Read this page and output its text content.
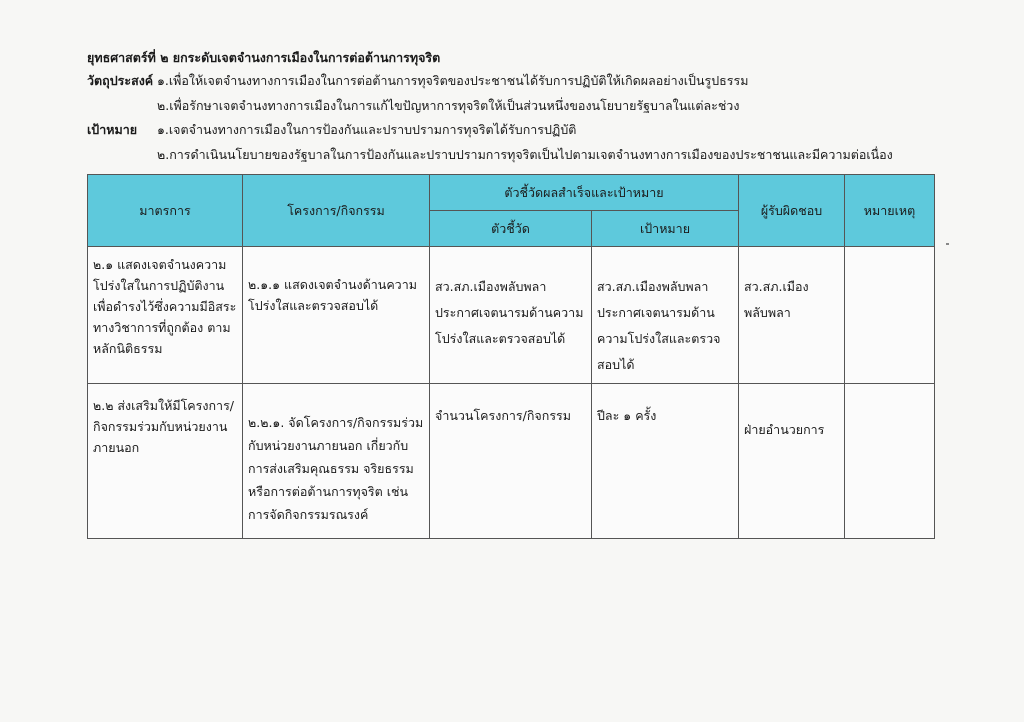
ยุทธศาสตร์ที่ ๒ ยกระดับเจตจำนงการเมืองในการต่อต้านการทุจริต
วัตถุประสงค์ ๑.เพื่อให้เจตจำนงทางการเมืองในการต่อต้านการทุจริตของประชาชนได้รับการปฏิบัติให้เกิดผลอย่างเป็นรูปธรรม
๒.เพื่อรักษาเจตจำนงทางการเมืองในการแก้ไขปัญหาการทุจริตให้เป็นส่วนหนึ่งของนโยบายรัฐบาลในแต่ละช่วง
เป้าหมาย ๑.เจตจำนงทางการเมืองในการป้องกันและปราบปรามการทุจริตได้รับการปฏิบัติ
๒.การดำเนินนโยบายของรัฐบาลในการป้องกันและปราบปรามการทุจริตเป็นไปตามเจตจำนงทางการเมืองของประชาชนและมีความต่อเนื่อง
มาตรการ	โครงการ/กิจกรรม	ตัวชี้วัดผลสำเร็จและเป้าหมาย		ผู้รับผิดชอบ	หมายเหตุ
		ตัวชี้วัด	เป้าหมาย		

๒.๑ แสดงเจตจำนงความโปร่งใสในการปฏิบัติงานเพื่อดำรงไว้ซึ่งความมีอิสระทางวิชาการที่ถูกต้อง ตามหลักนิติธรรม	๒.๑.๑ แสดงเจตจำนงด้านความโปร่งใสและตรวจสอบได้	สว.สภ.เมืองพลับพลาประกาศเจตนารมด้านความโปร่งใสและตรวจสอบได้	สว.สภ.เมืองพลับพลาประกาศเจตนารมด้านความโปร่งใสและตรวจสอบได้	สว.สภ.เมือง พลับพลา	

๒.๒ ส่งเสริมให้มีโครงการ/กิจกรรมร่วมกับหน่วยงานภายนอก	๒.๒.๑. จัดโครงการ/กิจกรรมร่วมกับหน่วยงานภายนอก เกี่ยวกับการส่งเสริมคุณธรรม จริยธรรม หรือการต่อต้านการทุจริต เช่น การจัดกิจกรรมรณรงค์	จำนวนโครงการ/กิจกรรม	ปีละ ๑ ครั้ง	ฝ่ายอำนวยการ	
